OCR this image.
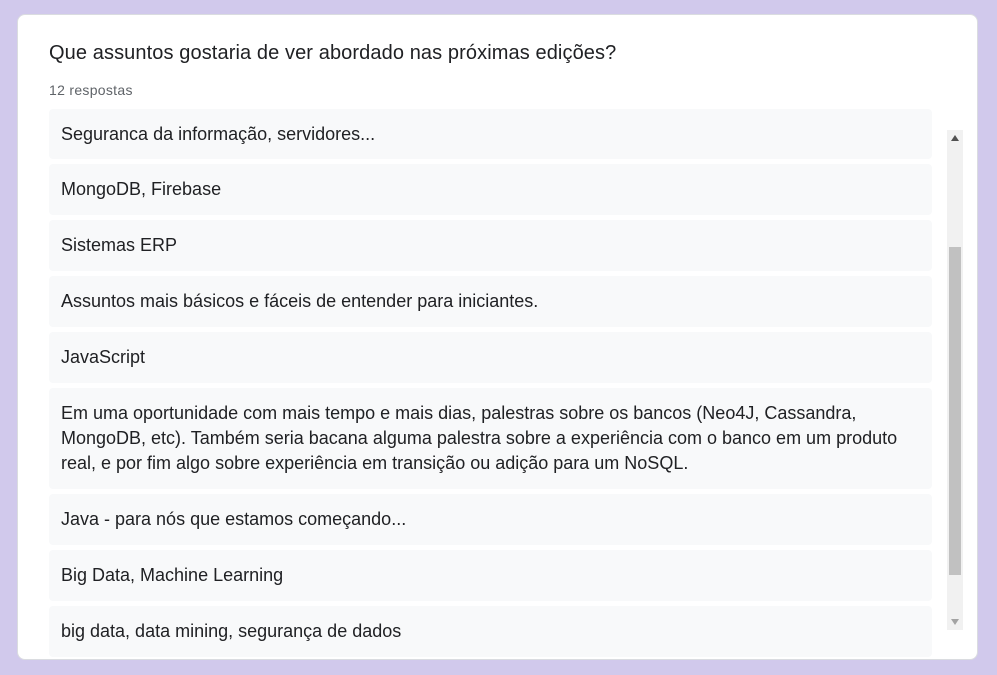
Que assuntos gostaria de ver abordado nas próximas edições?
12 respostas
Seguranca da informação, servidores...
MongoDB, Firebase
Sistemas ERP
Assuntos mais básicos e fáceis de entender para iniciantes.
JavaScript
Em uma oportunidade com mais tempo e mais dias, palestras sobre os bancos (Neo4J, Cassandra, MongoDB, etc). Também seria bacana alguma palestra sobre a experiência com o banco em um produto real, e por fim algo sobre experiência em transição ou adição para um NoSQL.
Java - para nós que estamos começando...
Big Data, Machine Learning
big data, data mining, segurança de dados
